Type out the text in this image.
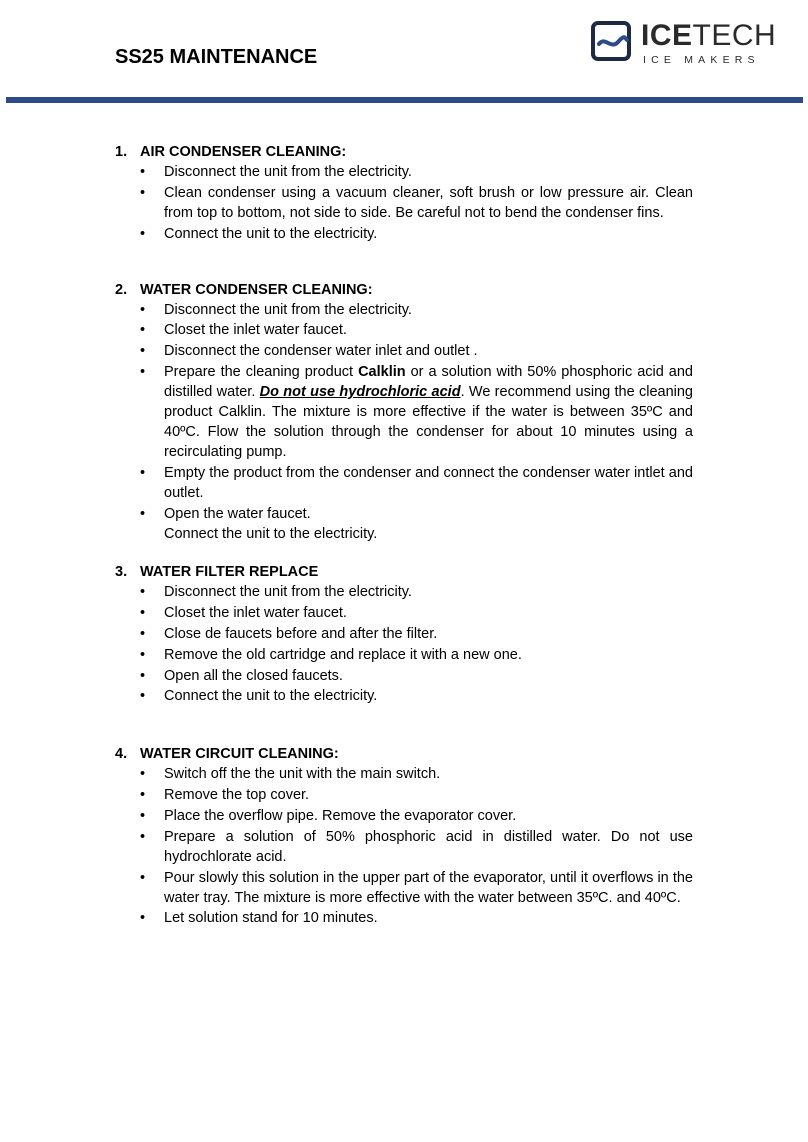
SS25 MAINTENANCE
ICETECH
ICE MAKERS
1. AIR CONDENSER CLEANING:
• Disconnect the unit from the electricity.
• Clean condenser using a vacuum cleaner, soft brush or low pressure air. Clean from top to bottom, not side to side. Be careful not to bend the condenser fins.
• Connect the unit to the electricity.
2. WATER CONDENSER CLEANING:
• Disconnect the unit from the electricity.
• Closet the inlet water faucet.
• Disconnect the condenser water inlet and outlet .
• Prepare the cleaning product Calklin or a solution with 50% phosphoric acid and distilled water. Do not use hydrochloric acid. We recommend using the cleaning product Calklin. The mixture is more effective if the water is between 35ºC and 40ºC. Flow the solution through the condenser for about 10 minutes using a recirculating pump.
• Empty the product from the condenser and connect the condenser water intlet and outlet.
• Open the water faucet.
Connect the unit to the electricity.
3. WATER FILTER REPLACE
• Disconnect the unit from the electricity.
• Closet the inlet water faucet.
• Close de faucets before and after the filter.
• Remove the old cartridge and replace it with a new one.
• Open all the closed faucets.
• Connect the unit to the electricity.
4. WATER CIRCUIT CLEANING:
• Switch off the the unit with the main switch.
• Remove the top cover.
• Place the overflow pipe. Remove the evaporator cover.
• Prepare a solution of 50% phosphoric acid in distilled water. Do not use hydrochlorate acid.
• Pour slowly this solution in the upper part of the evaporator, until it overflows in the water tray. The mixture is more effective with the water between 35ºC. and 40ºC.
• Let solution stand for 10 minutes.
